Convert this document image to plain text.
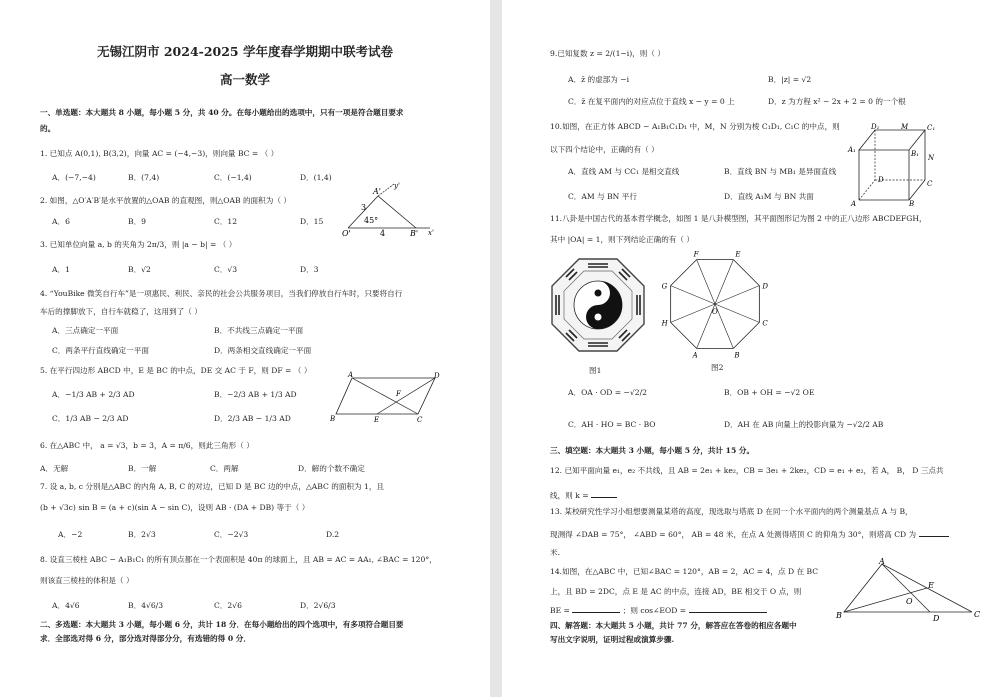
无锡江阴市 2024-2025 学年度春学期期中联考试卷
高一数学
一、单选题：本大题共 8 小题，每小题 5 分，共 40 分。在每小题给出的选项中，只有一项是符合题目要求
的。
1. 已知点 A(0,1), B(3,2)，向量 AC = (−4,−3)，则向量 BC = （ ）
A．(−7,−4)	B．(7,4)	C．(−1,4)	D．(1,4)
2. 如图，△O′A′B′是水平放置的△OAB 的直观图，则△OAB 的面积为（ ）
A．6	B．9	C．12	D．15
A'
y'
3
45°
O'	4	B' x'
3. 已知单位向量 a, b 的夹角为 2π/3，则 |a − b| = （ ）
A．1	B．√2	C．√3	D．3
4. “YouBike 微笑自行车”是一项惠民、利民、亲民的社会公共服务项目，当我们停放自行车时，只要将自行
车后的撑脚放下，自行车就稳了，这用到了（ ）
A．三点确定一平面	B．不共线三点确定一平面
C．两条平行直线确定一平面	D．两条相交直线确定一平面
5. 在平行四边形 ABCD 中，E 是 BC 的中点，DE 交 AC 于 F，则 DF = （ ）
A．−1/3 AB + 2/3 AD	B．−2/3 AB + 1/3 AD
C．1/3 AB − 2/3 AD	D．2/3 AB − 1/3 AD
A	D
F
B	E	C
6. 在△ABC 中， a = √3，b = 3，A = π/6，则此三角形（ ）
A．无解	B．一解	C．两解	D．解的个数不确定
7. 设 a, b, c 分别是△ABC 的内角 A, B, C 的对边，已知 D 是 BC 边的中点，△ABC 的面积为 1，且
(b + √3c) sin B = (a + c)(sin A − sin C)，设则 AB · (DA + DB) 等于（ ）
A．−2	B．2√3	C．−2√3	D.2
8. 设直三棱柱 ABC − A₁B₁C₁ 的所有顶点都在一个表面积是 40π 的球面上，且 AB = AC = AA₁, ∠BAC = 120°，
则该直三棱柱的体积是（ ）
A．4√6	B．4√6/3	C．2√6	D．2√6/3
二、多选题：本大题共 3 小题，每小题 6 分，共计 18 分．在每小题给出的四个选项中，有多项符合题目要
求．全部选对得 6 分，部分选对得部分分，有选错的得 0 分．
9.已知复数 z = 2/(1−i)，则（ ）
A．z̄ 的虚部为 −i	B．|z| = √2
C．z̄ 在复平面内的对应点位于直线 x − y = 0 上	D．z 为方程 x² − 2x + 2 = 0 的一个根
10.如图，在正方体 ABCD − A₁B₁C₁D₁ 中，M，N 分别为棱 C₁D₁, C₁C 的中点，则
以下四个结论中，正确的有（ ）
A．直线 AM 与 CC₁ 是相交直线	B．直线 BN 与 MB₁ 是异面直线
C．AM 与 BN 平行	D．直线 A₁M 与 BN 共面
D₁	M	C₁
A₁	B₁ N
D	C
A	B
11.八卦是中国古代的基本哲学概念，如图 1 是八卦模型图，其平面图形记为图 2 中的正八边形 ABCDEFGH，
其中 |OA| = 1，则下列结论正确的有（ ）
图1
F	E
G	D
O
H	C
A	B
图2
A．OA · OD = −√2/2	B．OB + OH = −√2 OE
C．AH · HO = BC · BO	D．AH 在 AB 向量上的投影向量为 −√2/2 AB
三、填空题：本大题共 3 小题，每小题 5 分，共计 15 分。
12. 已知平面向量 e₁，e₂ 不共线，且 AB = 2e₁ + ke₂，CB = 3e₁ + 2ke₂，CD = e₁ + e₂，若 A， B， D 三点共
线，则 k =
13. 某校研究性学习小组想要测量某塔的高度，现选取与塔底 D 在同一个水平面内的两个测量基点 A 与 B，
现测得 ∠DAB = 75°， ∠ABD = 60°， AB = 48 米，在点 A 处测得塔顶 C 的仰角为 30°，则塔高 CD 为
米.
14.如图，在△ABC 中，已知∠BAC = 120°，AB = 2，AC = 4，点 D 在 BC
上，且 BD = 2DC，点 E 是 AC 的中点，连接 AD，BE 相交于 O 点，则
BE =	；则 cos∠EOD =
A
E
O
B	D	C
四、解答题：本大题共 5 小题，共计 77 分，解答应在答卷的相应各题中
写出文字说明，证明过程或演算步骤.
